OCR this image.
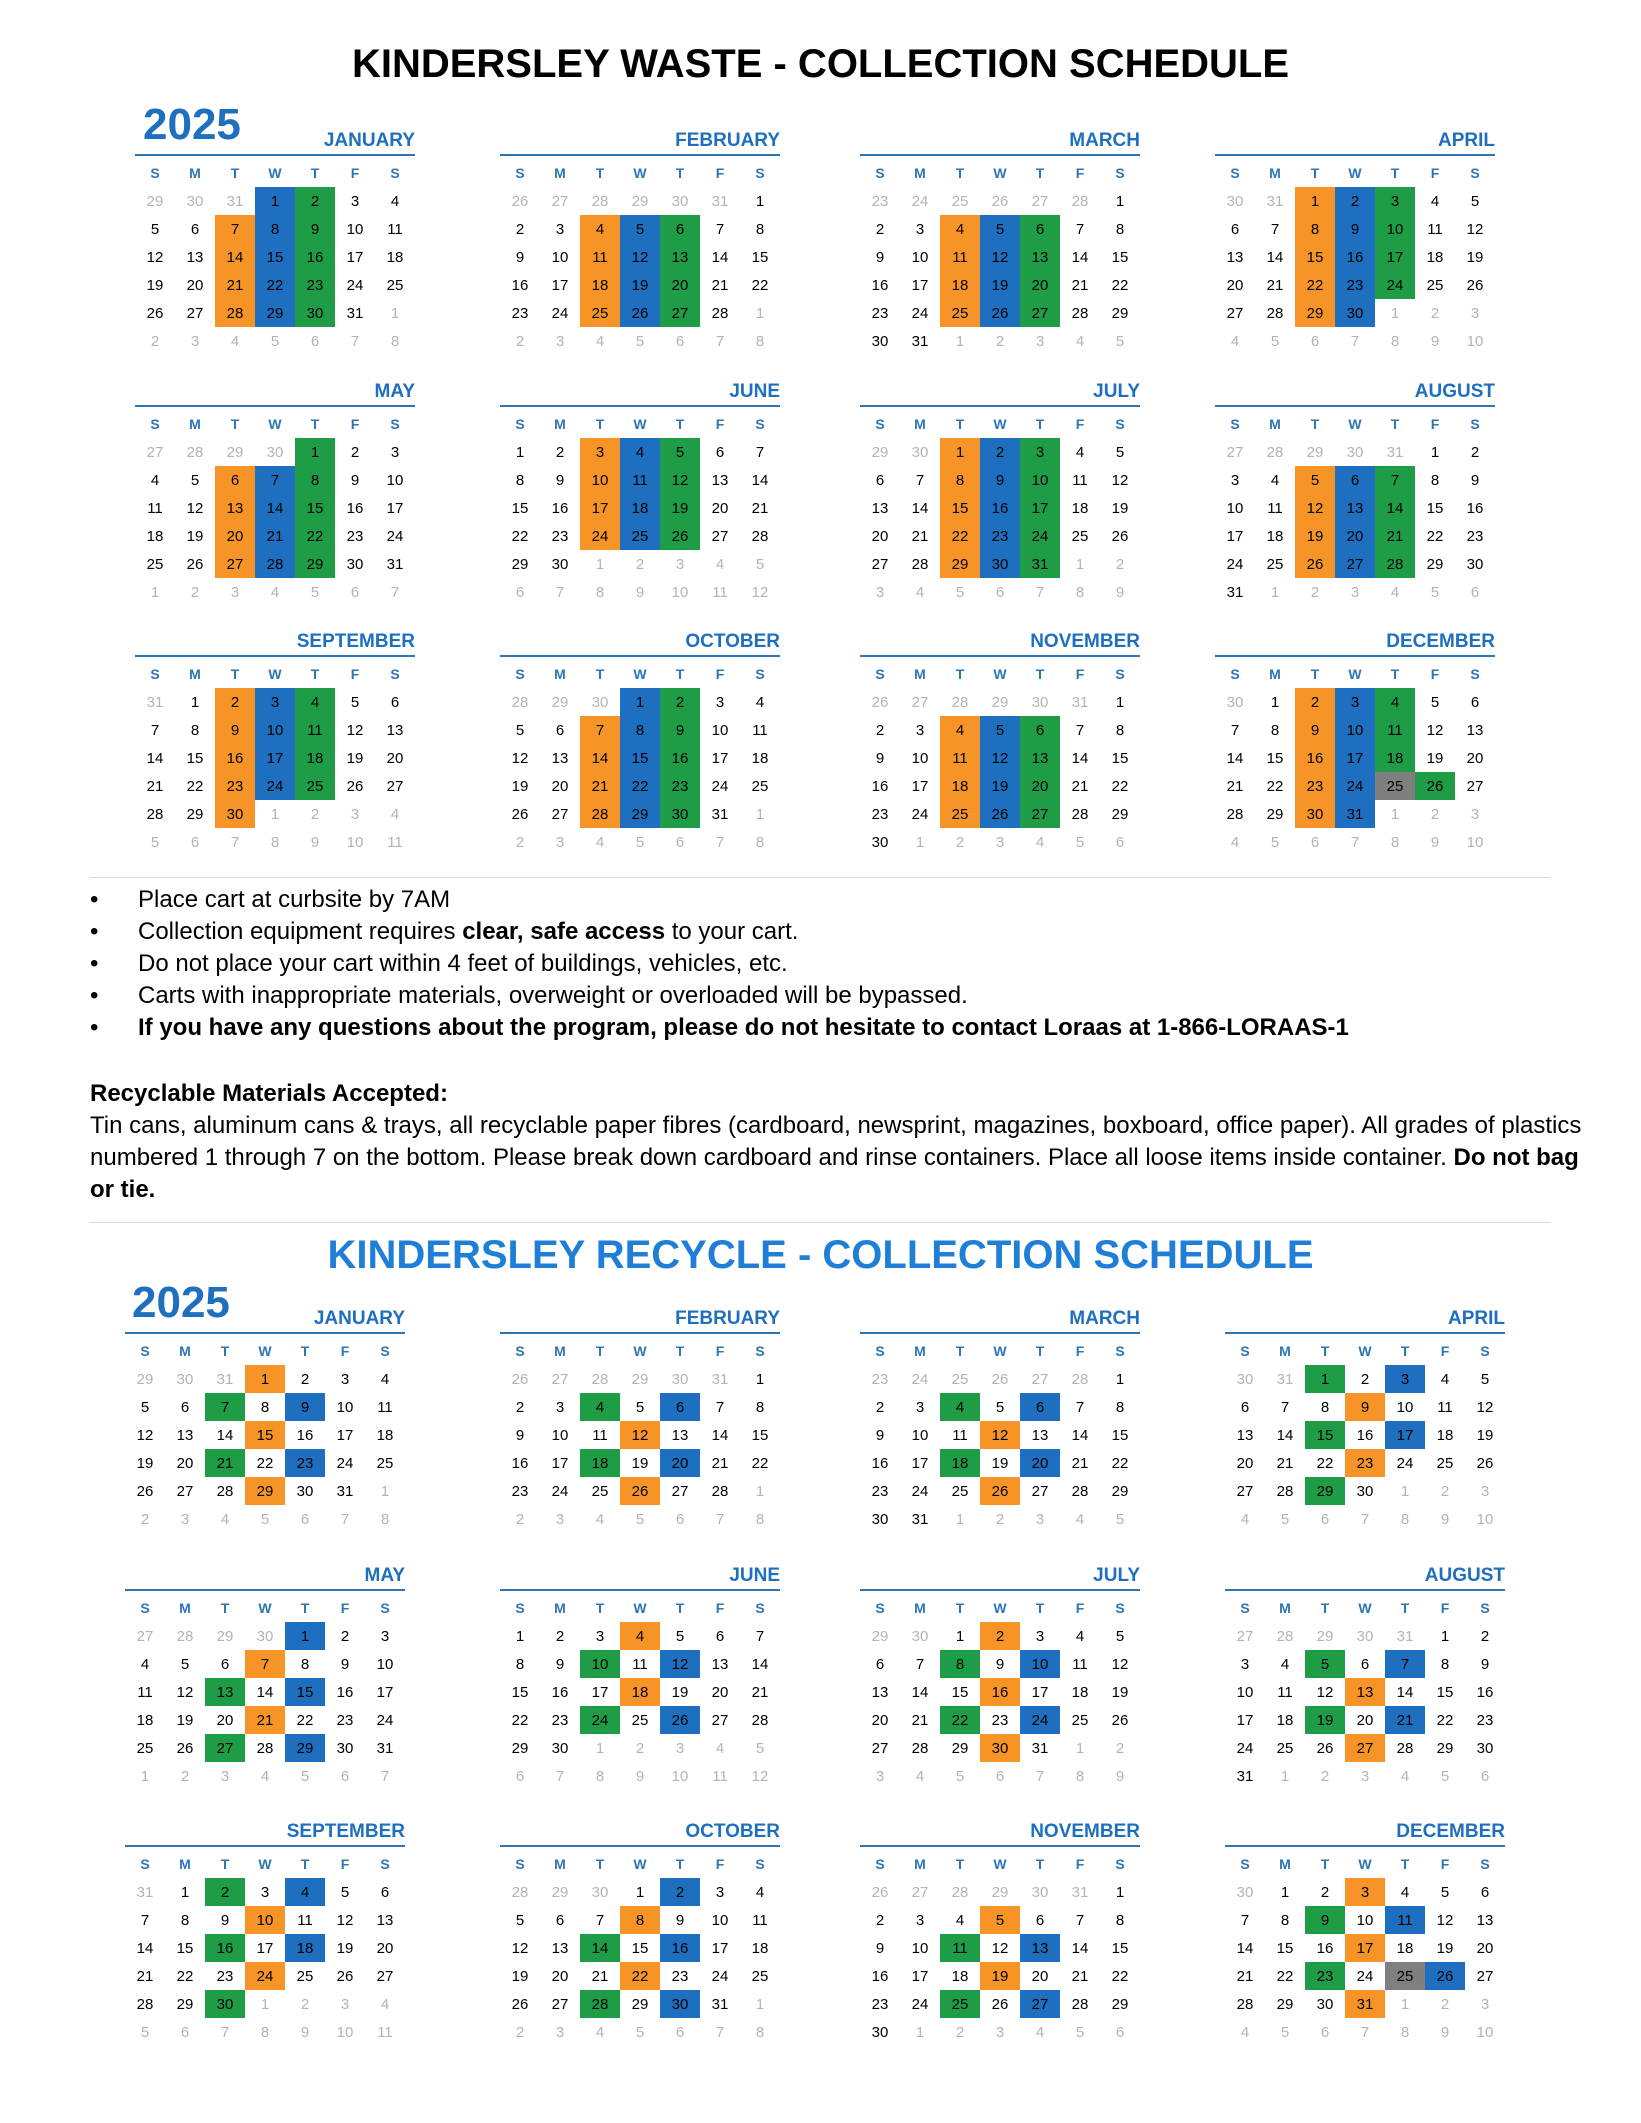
KINDERSLEY WASTE - COLLECTION SCHEDULE
2025	JANUARY
S	M	T	W	T	F	S
29	30	31	1	2	3	4
5	6	7	8	9	10	11
12	13	14	15	16	17	18
19	20	21	22	23	24	25
26	27	28	29	30	31	1
2	3	4	5	6	7	8
FEBRUARY
S	M	T	W	T	F	S
26	27	28	29	30	31	1
2	3	4	5	6	7	8
9	10	11	12	13	14	15
16	17	18	19	20	21	22
23	24	25	26	27	28	1
2	3	4	5	6	7	8
MARCH
S	M	T	W	T	F	S
23	24	25	26	27	28	1
2	3	4	5	6	7	8
9	10	11	12	13	14	15
16	17	18	19	20	21	22
23	24	25	26	27	28	29
30	31	1	2	3	4	5
APRIL
S	M	T	W	T	F	S
30	31	1	2	3	4	5
6	7	8	9	10	11	12
13	14	15	16	17	18	19
20	21	22	23	24	25	26
27	28	29	30	1	2	3
4	5	6	7	8	9	10
MAY
S	M	T	W	T	F	S
27	28	29	30	1	2	3
4	5	6	7	8	9	10
11	12	13	14	15	16	17
18	19	20	21	22	23	24
25	26	27	28	29	30	31
1	2	3	4	5	6	7
JUNE
S	M	T	W	T	F	S
1	2	3	4	5	6	7
8	9	10	11	12	13	14
15	16	17	18	19	20	21
22	23	24	25	26	27	28
29	30	1	2	3	4	5
6	7	8	9	10	11	12
JULY
S	M	T	W	T	F	S
29	30	1	2	3	4	5
6	7	8	9	10	11	12
13	14	15	16	17	18	19
20	21	22	23	24	25	26
27	28	29	30	31	1	2
3	4	5	6	7	8	9
AUGUST
S	M	T	W	T	F	S
27	28	29	30	31	1	2
3	4	5	6	7	8	9
10	11	12	13	14	15	16
17	18	19	20	21	22	23
24	25	26	27	28	29	30
31	1	2	3	4	5	6
SEPTEMBER
S	M	T	W	T	F	S
31	1	2	3	4	5	6
7	8	9	10	11	12	13
14	15	16	17	18	19	20
21	22	23	24	25	26	27
28	29	30	1	2	3	4
5	6	7	8	9	10	11
OCTOBER
S	M	T	W	T	F	S
28	29	30	1	2	3	4
5	6	7	8	9	10	11
12	13	14	15	16	17	18
19	20	21	22	23	24	25
26	27	28	29	30	31	1
2	3	4	5	6	7	8
NOVEMBER
S	M	T	W	T	F	S
26	27	28	29	30	31	1
2	3	4	5	6	7	8
9	10	11	12	13	14	15
16	17	18	19	20	21	22
23	24	25	26	27	28	29
30	1	2	3	4	5	6
DECEMBER
S	M	T	W	T	F	S
30	1	2	3	4	5	6
7	8	9	10	11	12	13
14	15	16	17	18	19	20
21	22	23	24	25	26	27
28	29	30	31	1	2	3
4	5	6	7	8	9	10
• Place cart at curbsite by 7AM
• Collection equipment requires clear, safe access to your cart.
• Do not place your cart within 4 feet of buildings, vehicles, etc.
• Carts with inappropriate materials, overweight or overloaded will be bypassed.
• If you have any questions about the program, please do not hesitate to contact Loraas at 1-866-LORAAS-1
Recyclable Materials Accepted:
Tin cans, aluminum cans & trays, all recyclable paper fibres (cardboard, newsprint, magazines, boxboard, office paper). All grades of plastics numbered 1 through 7 on the bottom. Please break down cardboard and rinse containers. Place all loose items inside container. Do not bag or tie.
KINDERSLEY RECYCLE - COLLECTION SCHEDULE
2025	JANUARY
S	M	T	W	T	F	S
29	30	31	1	2	3	4
5	6	7	8	9	10	11
12	13	14	15	16	17	18
19	20	21	22	23	24	25
26	27	28	29	30	31	1
2	3	4	5	6	7	8
FEBRUARY
S	M	T	W	T	F	S
26	27	28	29	30	31	1
2	3	4	5	6	7	8
9	10	11	12	13	14	15
16	17	18	19	20	21	22
23	24	25	26	27	28	1
2	3	4	5	6	7	8
MARCH
S	M	T	W	T	F	S
23	24	25	26	27	28	1
2	3	4	5	6	7	8
9	10	11	12	13	14	15
16	17	18	19	20	21	22
23	24	25	26	27	28	29
30	31	1	2	3	4	5
APRIL
S	M	T	W	T	F	S
30	31	1	2	3	4	5
6	7	8	9	10	11	12
13	14	15	16	17	18	19
20	21	22	23	24	25	26
27	28	29	30	1	2	3
4	5	6	7	8	9	10
MAY
S	M	T	W	T	F	S
27	28	29	30	1	2	3
4	5	6	7	8	9	10
11	12	13	14	15	16	17
18	19	20	21	22	23	24
25	26	27	28	29	30	31
1	2	3	4	5	6	7
JUNE
S	M	T	W	T	F	S
1	2	3	4	5	6	7
8	9	10	11	12	13	14
15	16	17	18	19	20	21
22	23	24	25	26	27	28
29	30	1	2	3	4	5
6	7	8	9	10	11	12
JULY
S	M	T	W	T	F	S
29	30	1	2	3	4	5
6	7	8	9	10	11	12
13	14	15	16	17	18	19
20	21	22	23	24	25	26
27	28	29	30	31	1	2
3	4	5	6	7	8	9
AUGUST
S	M	T	W	T	F	S
27	28	29	30	31	1	2
3	4	5	6	7	8	9
10	11	12	13	14	15	16
17	18	19	20	21	22	23
24	25	26	27	28	29	30
31	1	2	3	4	5	6
SEPTEMBER
S	M	T	W	T	F	S
31	1	2	3	4	5	6
7	8	9	10	11	12	13
14	15	16	17	18	19	20
21	22	23	24	25	26	27
28	29	30	1	2	3	4
5	6	7	8	9	10	11
OCTOBER
S	M	T	W	T	F	S
28	29	30	1	2	3	4
5	6	7	8	9	10	11
12	13	14	15	16	17	18
19	20	21	22	23	24	25
26	27	28	29	30	31	1
2	3	4	5	6	7	8
NOVEMBER
S	M	T	W	T	F	S
26	27	28	29	30	31	1
2	3	4	5	6	7	8
9	10	11	12	13	14	15
16	17	18	19	20	21	22
23	24	25	26	27	28	29
30	1	2	3	4	5	6
DECEMBER
S	M	T	W	T	F	S
30	1	2	3	4	5	6
7	8	9	10	11	12	13
14	15	16	17	18	19	20
21	22	23	24	25	26	27
28	29	30	31	1	2	3
4	5	6	7	8	9	10
